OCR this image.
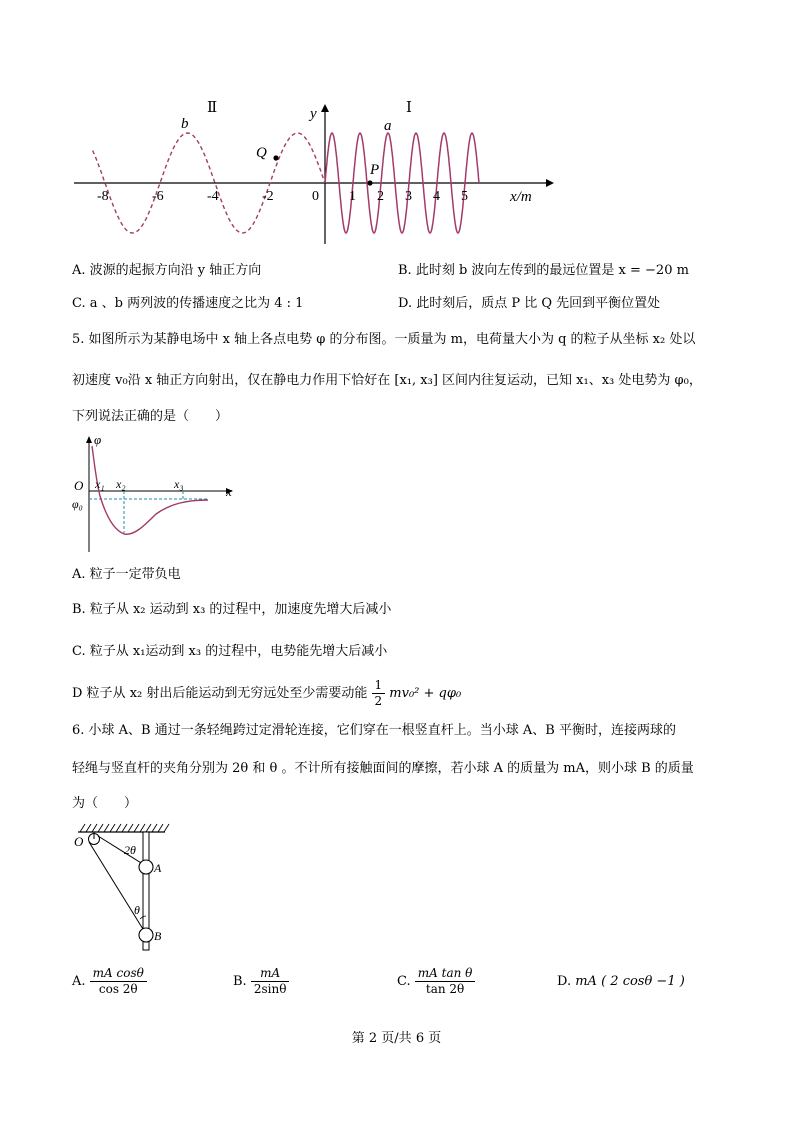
Ⅱ	Ⅰ
y
x/m
b	a
Q
P
0
-8	-6	-4	-2	1 2 3 4 5
A. 波源的起振方向沿 y 轴正方向	B. 此时刻 b 波向左传到的最远位置是 x = −20 m
C. a 、b 两列波的传播速度之比为 4 : 1	D. 此时刻后，质点 P 比 Q 先回到平衡位置处
5. 如图所示为某静电场中 x 轴上各点电势 φ 的分布图。一质量为 m，电荷量大小为 q 的粒子从坐标 x₂ 处以
初速度 v₀沿 x 轴正方向射出，仅在静电力作用下恰好在 [x₁, x₃] 区间内往复运动，已知 x₁、x₃ 处电势为 φ₀，
下列说法正确的是（　　）
φ
O	x
x₁ x₂	x₃
φ₀
A. 粒子一定带负电
B. 粒子从 x₂ 运动到 x₃ 的过程中，加速度先增大后减小
C. 粒子从 x₁运动到 x₃ 的过程中，电势能先增大后减小
D 粒子从 x₂ 射出后能运动到无穷远处至少需要动能 $\frac{1}{2} mv_0^2 + q\varphi_0$
6. 小球 A、B 通过一条轻绳跨过定滑轮连接，它们穿在一根竖直杆上。当小球 A、B 平衡时，连接两球的
轻绳与竖直杆的夹角分别为 2θ 和 θ 。不计所有接触面间的摩擦，若小球 A 的质量为 mA，则小球 B 的质量
为（　　）
O
2θ
A
θ
B
A. $\frac{\text{mA cosθ}}{\cos 2\theta}$	B. $\frac{mA}{2\sin\theta}$	C. $\frac{\text{mA tan θ}}{\tan 2\theta}$	D. mA ( 2 cosθ −1 )
第 2 页/共 6 页
